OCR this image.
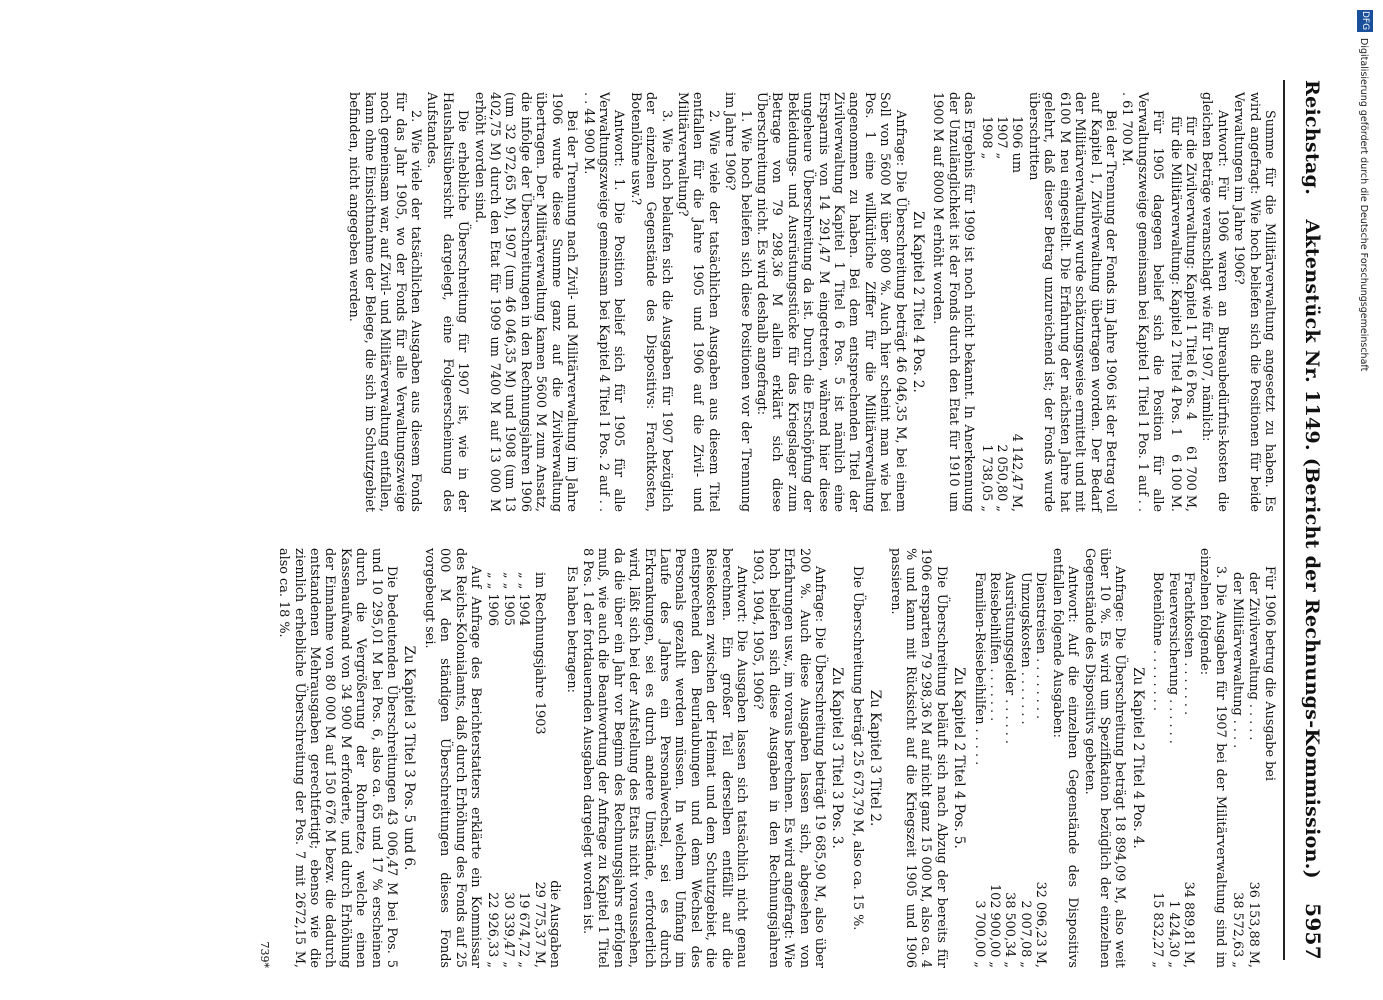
Reichstag.
Aktenstück Nr. 1149. (Bericht der Rechnungs-Kommission.)
5957

Summe für die Militärverwaltung angesetzt zu haben. Es wird angefragt: Wie hoch beliefen sich die Positionen für beide Verwaltungen im Jahre 1906?

Antwort: Für 1906 waren an Bureaubedürfnis-kosten die gleichen Beträge veranschlagt wie für 1907, nämlich:

für die Zivilverwaltung: Kapitel 1 Titel 6 Pos. 4
61 700 M,
für die Militärverwaltung: Kapitel 2 Titel 4 Pos. 1
6 100 M.

Für 1905 dagegen belief sich die Position für alle Verwaltungszweige gemeinsam bei Kapitel 1 Titel 1 Pos. 1 auf . . . 61 700 M.

Bei der Trennung der Fonds im Jahre 1906 ist der Betrag voll auf Kapitel 1, Zivilverwaltung übertragen worden. Der Bedarf der Militärverwaltung wurde schätzungsweise ermittelt und mit 6100 M neu eingestellt. Die Erfahrung der nächsten Jahre hat gelehrt, daß dieser Betrag unzureichend ist; der Fonds wurde überschritten

1906 um
4 142,47 M,
1907 „
2 050,80 „
1908 „
1 738,05 „

das Ergebnis für 1909 ist noch nicht bekannt. In Anerkennung der Unzulänglichkeit ist der Fonds durch den Etat für 1910 um 1900 M auf 8000 M erhöht worden.

Zu Kapitel 2 Titel 4 Pos. 2.

Anfrage: Die Überschreitung beträgt 46 046,35 M, bei einem Soll von 5600 M über 800 %. Auch hier scheint man wie bei Pos. 1 eine willkürliche Ziffer für die Militärverwaltung angenommen zu haben. Bei dem entsprechenden Titel der Zivilverwaltung Kapitel 1 Titel 6 Pos. 5 ist nämlich eine Ersparnis von 14 291,47 M eingetreten, während hier diese ungeheure Überschreitung da ist. Durch die Erschöpfung der Bekleidungs- und Ausrüstungsstücke für das Kriegslager zum Betrage von 79 298,36 M allein erklärt sich diese Überschreitung nicht. Es wird deshalb angefragt:

1. Wie hoch beliefen sich diese Positionen vor der Trennung im Jahre 1906?

2. Wie viele der tatsächlichen Ausgaben aus diesem Titel entfallen für die Jahre 1905 und 1906 auf die Zivil- und Militärverwaltung?

3. Wie hoch belaufen sich die Ausgaben für 1907 bezüglich der einzelnen Gegenstände des Dispositivs: Frachtkosten, Botenlöhne usw.?

Antwort: 1. Die Position belief sich für 1905 für alle Verwaltungszweige gemeinsam bei Kapitel 4 Titel 1 Pos. 2 auf . . . . 44 900 M.

Bei der Trennung nach Zivil- und Militärverwaltung im Jahre 1906 wurde diese Summe ganz auf die Zivilverwaltung übertragen. Der Militärverwaltung kamen 5600 M zum Ansatz, die infolge der Überschreitungen in den Rechnungsjahren 1906 (um 32 972,65 M), 1907 (um 46 046,35 M) und 1908 (um 13 402,75 M) durch den Etat für 1909 um 7400 M auf 13 000 M erhöht worden sind.

Die erhebliche Überschreitung für 1907 ist, wie in der Haushaltsübersicht dargelegt, eine Folgeerscheinung des Aufstandes.

2. Wie viele der tatsächlichen Ausgaben aus diesem Fonds für das Jahr 1905, wo der Fonds für alle Verwaltungszweige noch gemeinsam war, auf Zivil- und Militärverwaltung entfallen, kann ohne Einsichtnahme der Belege, die sich im Schutzgebiet befinden, nicht angegeben werden.

Für 1906 betrug die Ausgabe bei

der Zivilverwaltung . . . . .
36 153,88 M,
der Militärverwaltung . . . .
38 572,63 „

3. Die Ausgaben für 1907 bei der Militärverwaltung sind im einzelnen folgende:

Frachtkosten . . . . . . .
34 889,81 M,
Feuerversicherung . . . . . .
1 424,30 „
Botenlöhne . . . . . . . .
15 832,27 „

Zu Kapitel 2 Titel 4 Pos. 4.

Anfrage: Die Überschreitung beträgt 18 894,09 M, also weit über 10 %. Es wird um Spezifikation bezüglich der einzelnen Gegenstände des Dispositivs gebeten.

Antwort: Auf die einzelnen Gegenstände des Dispositivs entfallen folgende Ausgaben:

Dienstreisen . . . . . . . .
32 096,23 M,
Umzugskosten . . . . . . .
2 007,08 „
Ausrüstungsgelder . . . . . .
38 500,34 „
Reisebeihilfen . . . . . . .
102 900,00 „
Familien-Reisebeihilfen . . . . .
3 700,00 „

Zu Kapitel 2 Titel 4 Pos. 5.

Die Überschreitung beläuft sich nach Abzug der bereits für 1906 ersparten 79 298,36 M auf nicht ganz 15 000 M, also ca. 4 % und kann mit Rücksicht auf die Kriegszeit 1905 und 1906 passieren.

Zu Kapitel 3 Titel 2.

Die Überschreitung beträgt 25 673,79 M, also ca. 15 %.

Zu Kapitel 3 Titel 3 Pos. 3.

Anfrage: Die Überschreitung beträgt 19 685,90 M, also über 200 %. Auch diese Ausgaben lassen sich, abgesehen von Erfahrungen usw., im voraus berechnen. Es wird angefragt: Wie hoch beliefen sich diese Ausgaben in den Rechnungsjahren 1903, 1904, 1905, 1906?

Antwort: Die Ausgaben lassen sich tatsächlich nicht genau berechnen. Ein großer Teil derselben entfällt auf die Reisekosten zwischen der Heimat und dem Schutzgebiet, die entsprechend den Beurlaubungen und dem Wechsel des Personals gezahlt werden müssen. In welchem Umfang im Laufe des Jahres ein Personalwechsel, sei es durch Erkrankungen, sei es durch andere Umstände, erforderlich wird, läßt sich bei der Aufstellung des Etats nicht voraussehen, da die über ein Jahr vor Beginn des Rechnungsjahrs erfolgen muß, wie auch die Beantwortung der Anfrage zu Kapitel 1 Titel 8 Pos. 1 der fortdauernden Ausgaben dargelegt worden ist.

Es haben betragen:

die Ausgaben
im Rechnungsjahre 1903
29 775,37 M,
„ „ 1904
19 674,72 „
„ „ 1905
30 339,47 „
„ „ 1906
22 926,33 „

Auf Anfrage des Berichterstatters erklärte ein Kommissar des Reichs-Kolonialamts, daß durch Erhöhung des Fonds auf 25 000 M den ständigen Überschreitungen dieses Fonds vorgebeugt sei.

Zu Kapitel 3 Titel 3 Pos. 5 und 6.

Die bedeutenden Überschreitungen 43 006,47 M bei Pos. 5 und 10 295,01 M bei Pos. 6, also ca. 65 und 17 % erscheinen durch die Vergrößerung der Rohrnetze, welche einen Kassenaufwand von 34 900 M erforderte, und durch Erhöhung der Einnahme von 80 000 M auf 150 676 M bezw. die dadurch entstandenen Mehrausgaben gerechtfertigt; ebenso wie die ziemlich erhebliche Überschreitung der Pos. 7 mit 2672,15 M, also ca. 18 %.

739*

DFG
Digitalisierung gefördert durch die Deutsche Forschungsgemeinschaft
